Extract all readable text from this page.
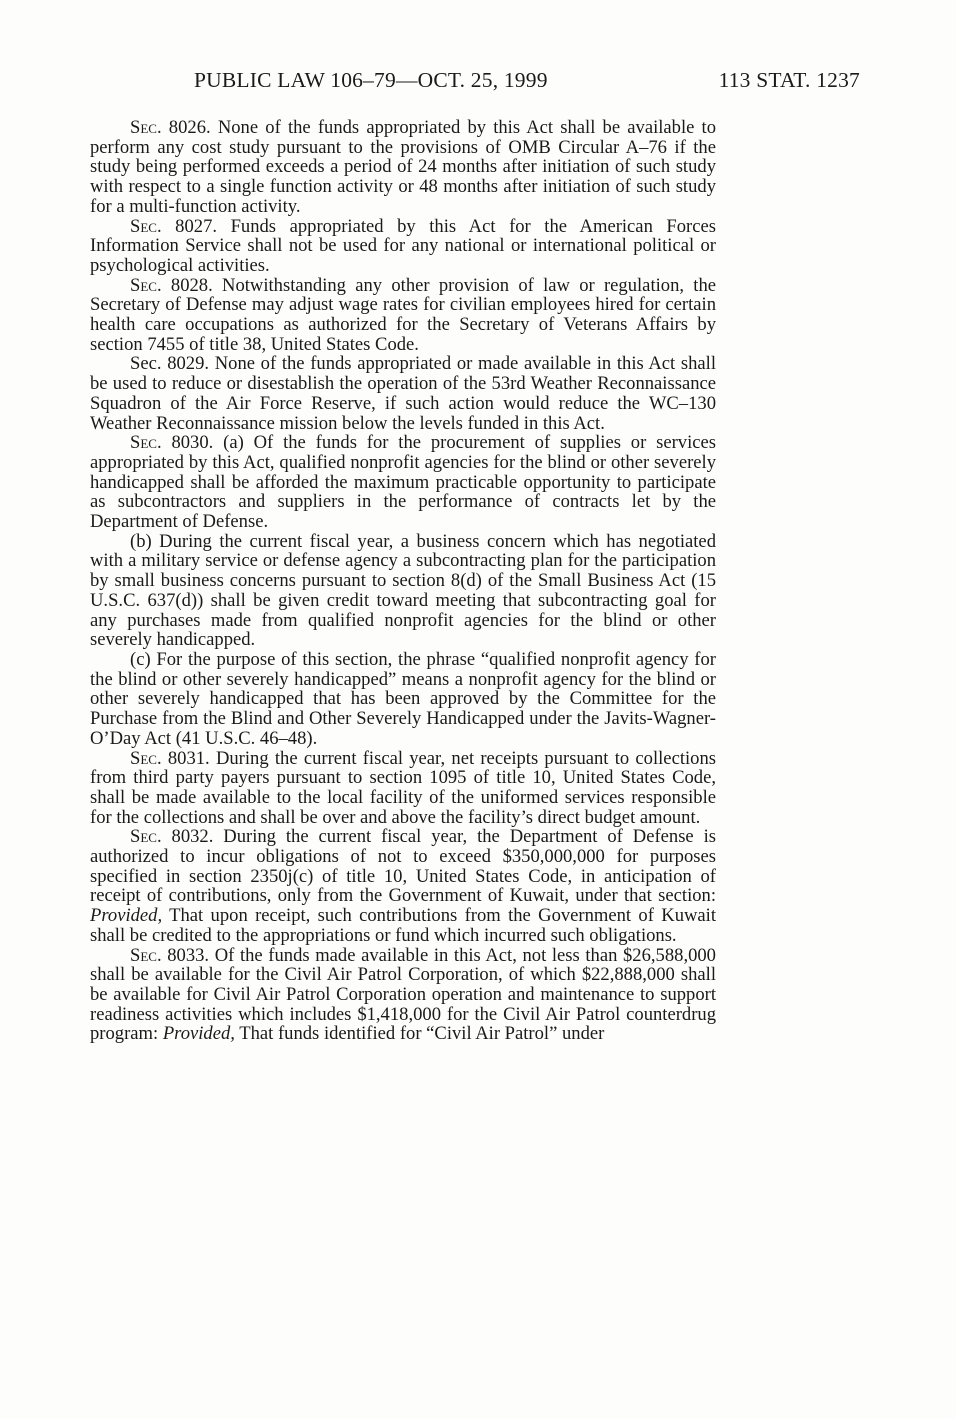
PUBLIC LAW 106–79—OCT. 25, 1999	113 STAT. 1237

Sec. 8026. None of the funds appropriated by this Act shall be available to perform any cost study pursuant to the provisions of OMB Circular A–76 if the study being performed exceeds a period of 24 months after initiation of such study with respect to a single function activity or 48 months after initiation of such study for a multi-function activity.

Sec. 8027. Funds appropriated by this Act for the American Forces Information Service shall not be used for any national or international political or psychological activities.

Sec. 8028. Notwithstanding any other provision of law or regulation, the Secretary of Defense may adjust wage rates for civilian employees hired for certain health care occupations as authorized for the Secretary of Veterans Affairs by section 7455 of title 38, United States Code.

Sec. 8029. None of the funds appropriated or made available in this Act shall be used to reduce or disestablish the operation of the 53rd Weather Reconnaissance Squadron of the Air Force Reserve, if such action would reduce the WC–130 Weather Reconnaissance mission below the levels funded in this Act.

Sec. 8030. (a) Of the funds for the procurement of supplies or services appropriated by this Act, qualified nonprofit agencies for the blind or other severely handicapped shall be afforded the maximum practicable opportunity to participate as subcontractors and suppliers in the performance of contracts let by the Department of Defense.

(b) During the current fiscal year, a business concern which has negotiated with a military service or defense agency a subcontracting plan for the participation by small business concerns pursuant to section 8(d) of the Small Business Act (15 U.S.C. 637(d)) shall be given credit toward meeting that subcontracting goal for any purchases made from qualified nonprofit agencies for the blind or other severely handicapped.

(c) For the purpose of this section, the phrase “qualified nonprofit agency for the blind or other severely handicapped” means a nonprofit agency for the blind or other severely handicapped that has been approved by the Committee for the Purchase from the Blind and Other Severely Handicapped under the Javits-Wagner-O’Day Act (41 U.S.C. 46–48).

Sec. 8031. During the current fiscal year, net receipts pursuant to collections from third party payers pursuant to section 1095 of title 10, United States Code, shall be made available to the local facility of the uniformed services responsible for the collections and shall be over and above the facility’s direct budget amount.

Sec. 8032. During the current fiscal year, the Department of Defense is authorized to incur obligations of not to exceed $350,000,000 for purposes specified in section 2350j(c) of title 10, United States Code, in anticipation of receipt of contributions, only from the Government of Kuwait, under that section: Provided, That upon receipt, such contributions from the Government of Kuwait shall be credited to the appropriations or fund which incurred such obligations.

Sec. 8033. Of the funds made available in this Act, not less than $26,588,000 shall be available for the Civil Air Patrol Corporation, of which $22,888,000 shall be available for Civil Air Patrol Corporation operation and maintenance to support readiness activities which includes $1,418,000 for the Civil Air Patrol counterdrug program: Provided, That funds identified for “Civil Air Patrol” under
